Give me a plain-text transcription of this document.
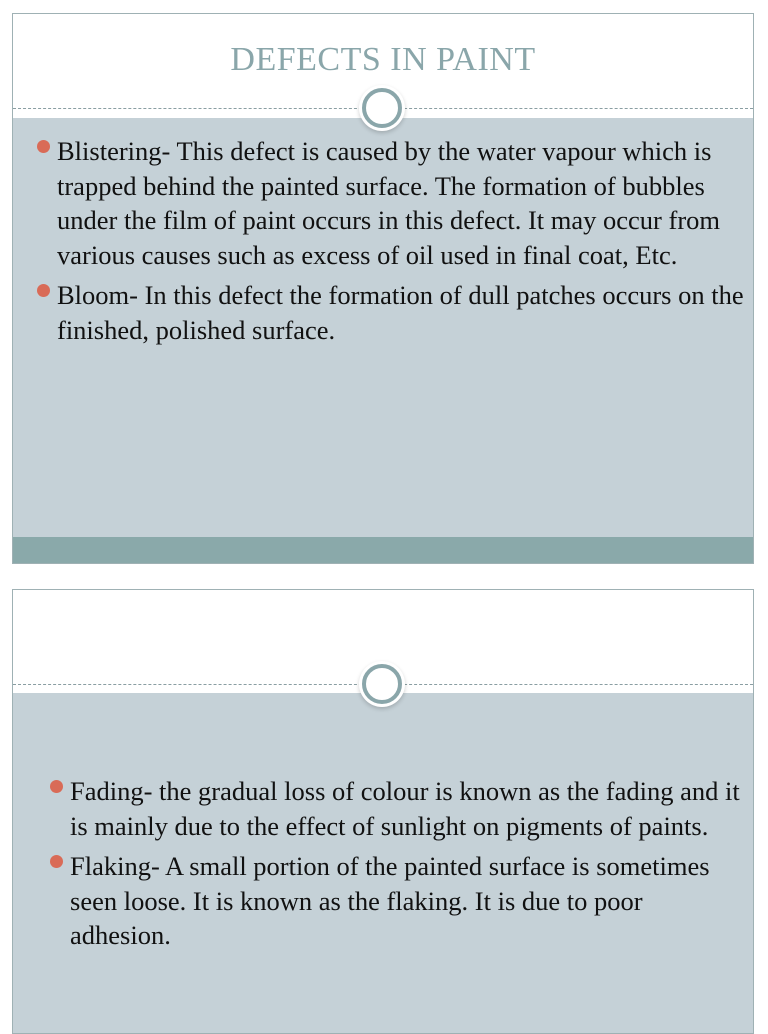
DEFECTS IN PAINT
Blistering- This defect is caused by the water vapour which is trapped behind the painted surface. The formation of bubbles under the film of paint occurs in this defect. It may occur from various causes such as excess of oil used in final coat, Etc.
Bloom- In this defect the formation of dull patches occurs on the finished, polished surface.
Fading- the gradual loss of colour is known as the fading and it is mainly due to the effect of sunlight on pigments of paints.
Flaking- A small portion of the painted surface is sometimes seen loose. It is known as the flaking. It is due to poor adhesion.
